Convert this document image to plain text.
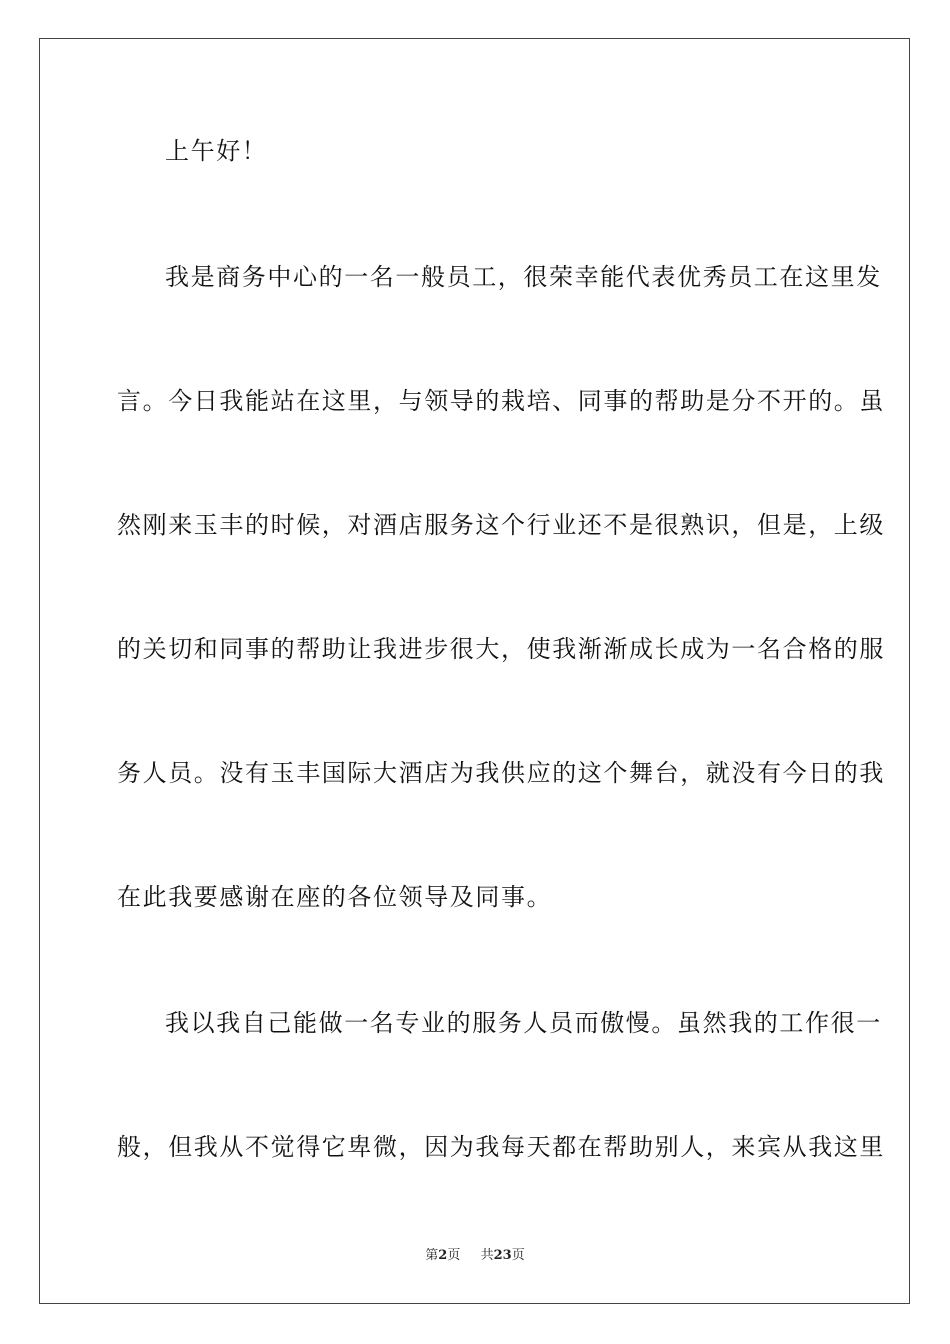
上午好！
我是商务中心的一名一般员工，很荣幸能代表优秀员工在这里发
言。今日我能站在这里，与领导的栽培、同事的帮助是分不开的。虽
然刚来玉丰的时候，对酒店服务这个行业还不是很熟识，但是，上级
的关切和同事的帮助让我进步很大，使我渐渐成长成为一名合格的服
务人员。没有玉丰国际大酒店为我供应的这个舞台，就没有今日的我
在此我要感谢在座的各位领导及同事。
我以我自己能做一名专业的服务人员而傲慢。虽然我的工作很一
般，但我从不觉得它卑微，因为我每天都在帮助别人，来宾从我这里
第2页 共23页
